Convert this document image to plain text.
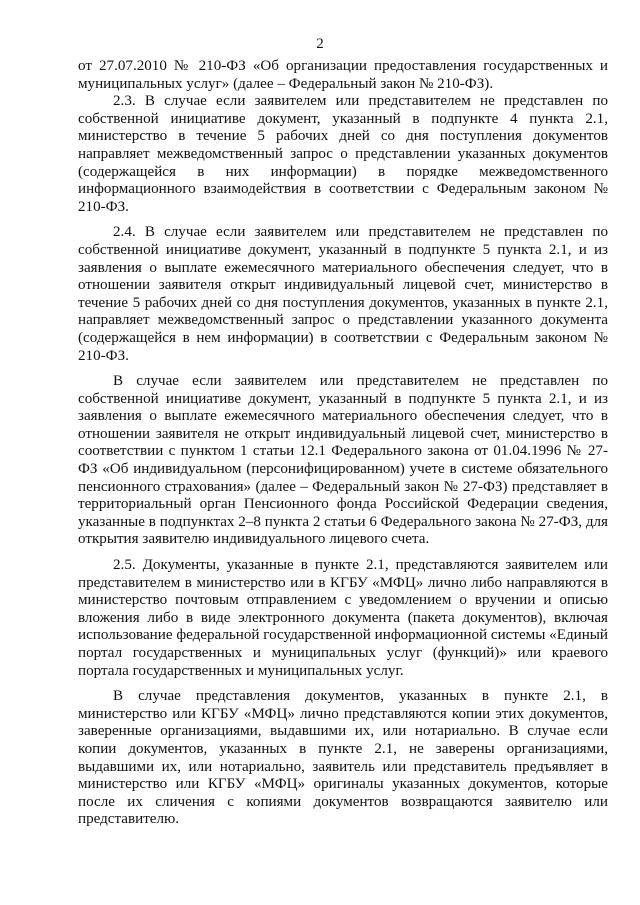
2

от 27.07.2010 № 210-ФЗ «Об организации предоставления государственных и муниципальных услуг» (далее – Федеральный закон № 210-ФЗ).

2.3. В случае если заявителем или представителем не представлен по собственной инициативе документ, указанный в подпункте 4 пункта 2.1, министерство в течение 5 рабочих дней со дня поступления документов направляет межведомственный запрос о представлении указанных документов (содержащейся в них информации) в порядке межведомственного информационного взаимодействия в соответствии с Федеральным законом № 210-ФЗ.

2.4. В случае если заявителем или представителем не представлен по собственной инициативе документ, указанный в подпункте 5 пункта 2.1, и из заявления о выплате ежемесячного материального обеспечения следует, что в отношении заявителя открыт индивидуальный лицевой счет, министерство в течение 5 рабочих дней со дня поступления документов, указанных в пункте 2.1, направляет межведомственный запрос о представлении указанного документа (содержащейся в нем информации) в соответствии с Федеральным законом № 210-ФЗ.

В случае если заявителем или представителем не представлен по собственной инициативе документ, указанный в подпункте 5 пункта 2.1, и из заявления о выплате ежемесячного материального обеспечения следует, что в отношении заявителя не открыт индивидуальный лицевой счет, министерство в соответствии с пунктом 1 статьи 12.1 Федерального закона от 01.04.1996 № 27-ФЗ «Об индивидуальном (персонифицированном) учете в системе обязательного пенсионного страхования» (далее – Федеральный закон № 27-ФЗ) представляет в территориальный орган Пенсионного фонда Российской Федерации сведения, указанные в подпунктах 2–8 пункта 2 статьи 6 Федерального закона № 27-ФЗ, для открытия заявителю индивидуального лицевого счета.

2.5. Документы, указанные в пункте 2.1, представляются заявителем или представителем в министерство или в КГБУ «МФЦ» лично либо направляются в министерство почтовым отправлением с уведомлением о вручении и описью вложения либо в виде электронного документа (пакета документов), включая использование федеральной государственной информационной системы «Единый портал государственных и муниципальных услуг (функций)» или краевого портала государственных и муниципальных услуг.

В случае представления документов, указанных в пункте 2.1, в министерство или КГБУ «МФЦ» лично представляются копии этих документов, заверенные организациями, выдавшими их, или нотариально. В случае если копии документов, указанных в пункте 2.1, не заверены организациями, выдавшими их, или нотариально, заявитель или представитель предъявляет в министерство или КГБУ «МФЦ» оригиналы указанных документов, которые после их сличения с копиями документов возвращаются заявителю или представителю.
